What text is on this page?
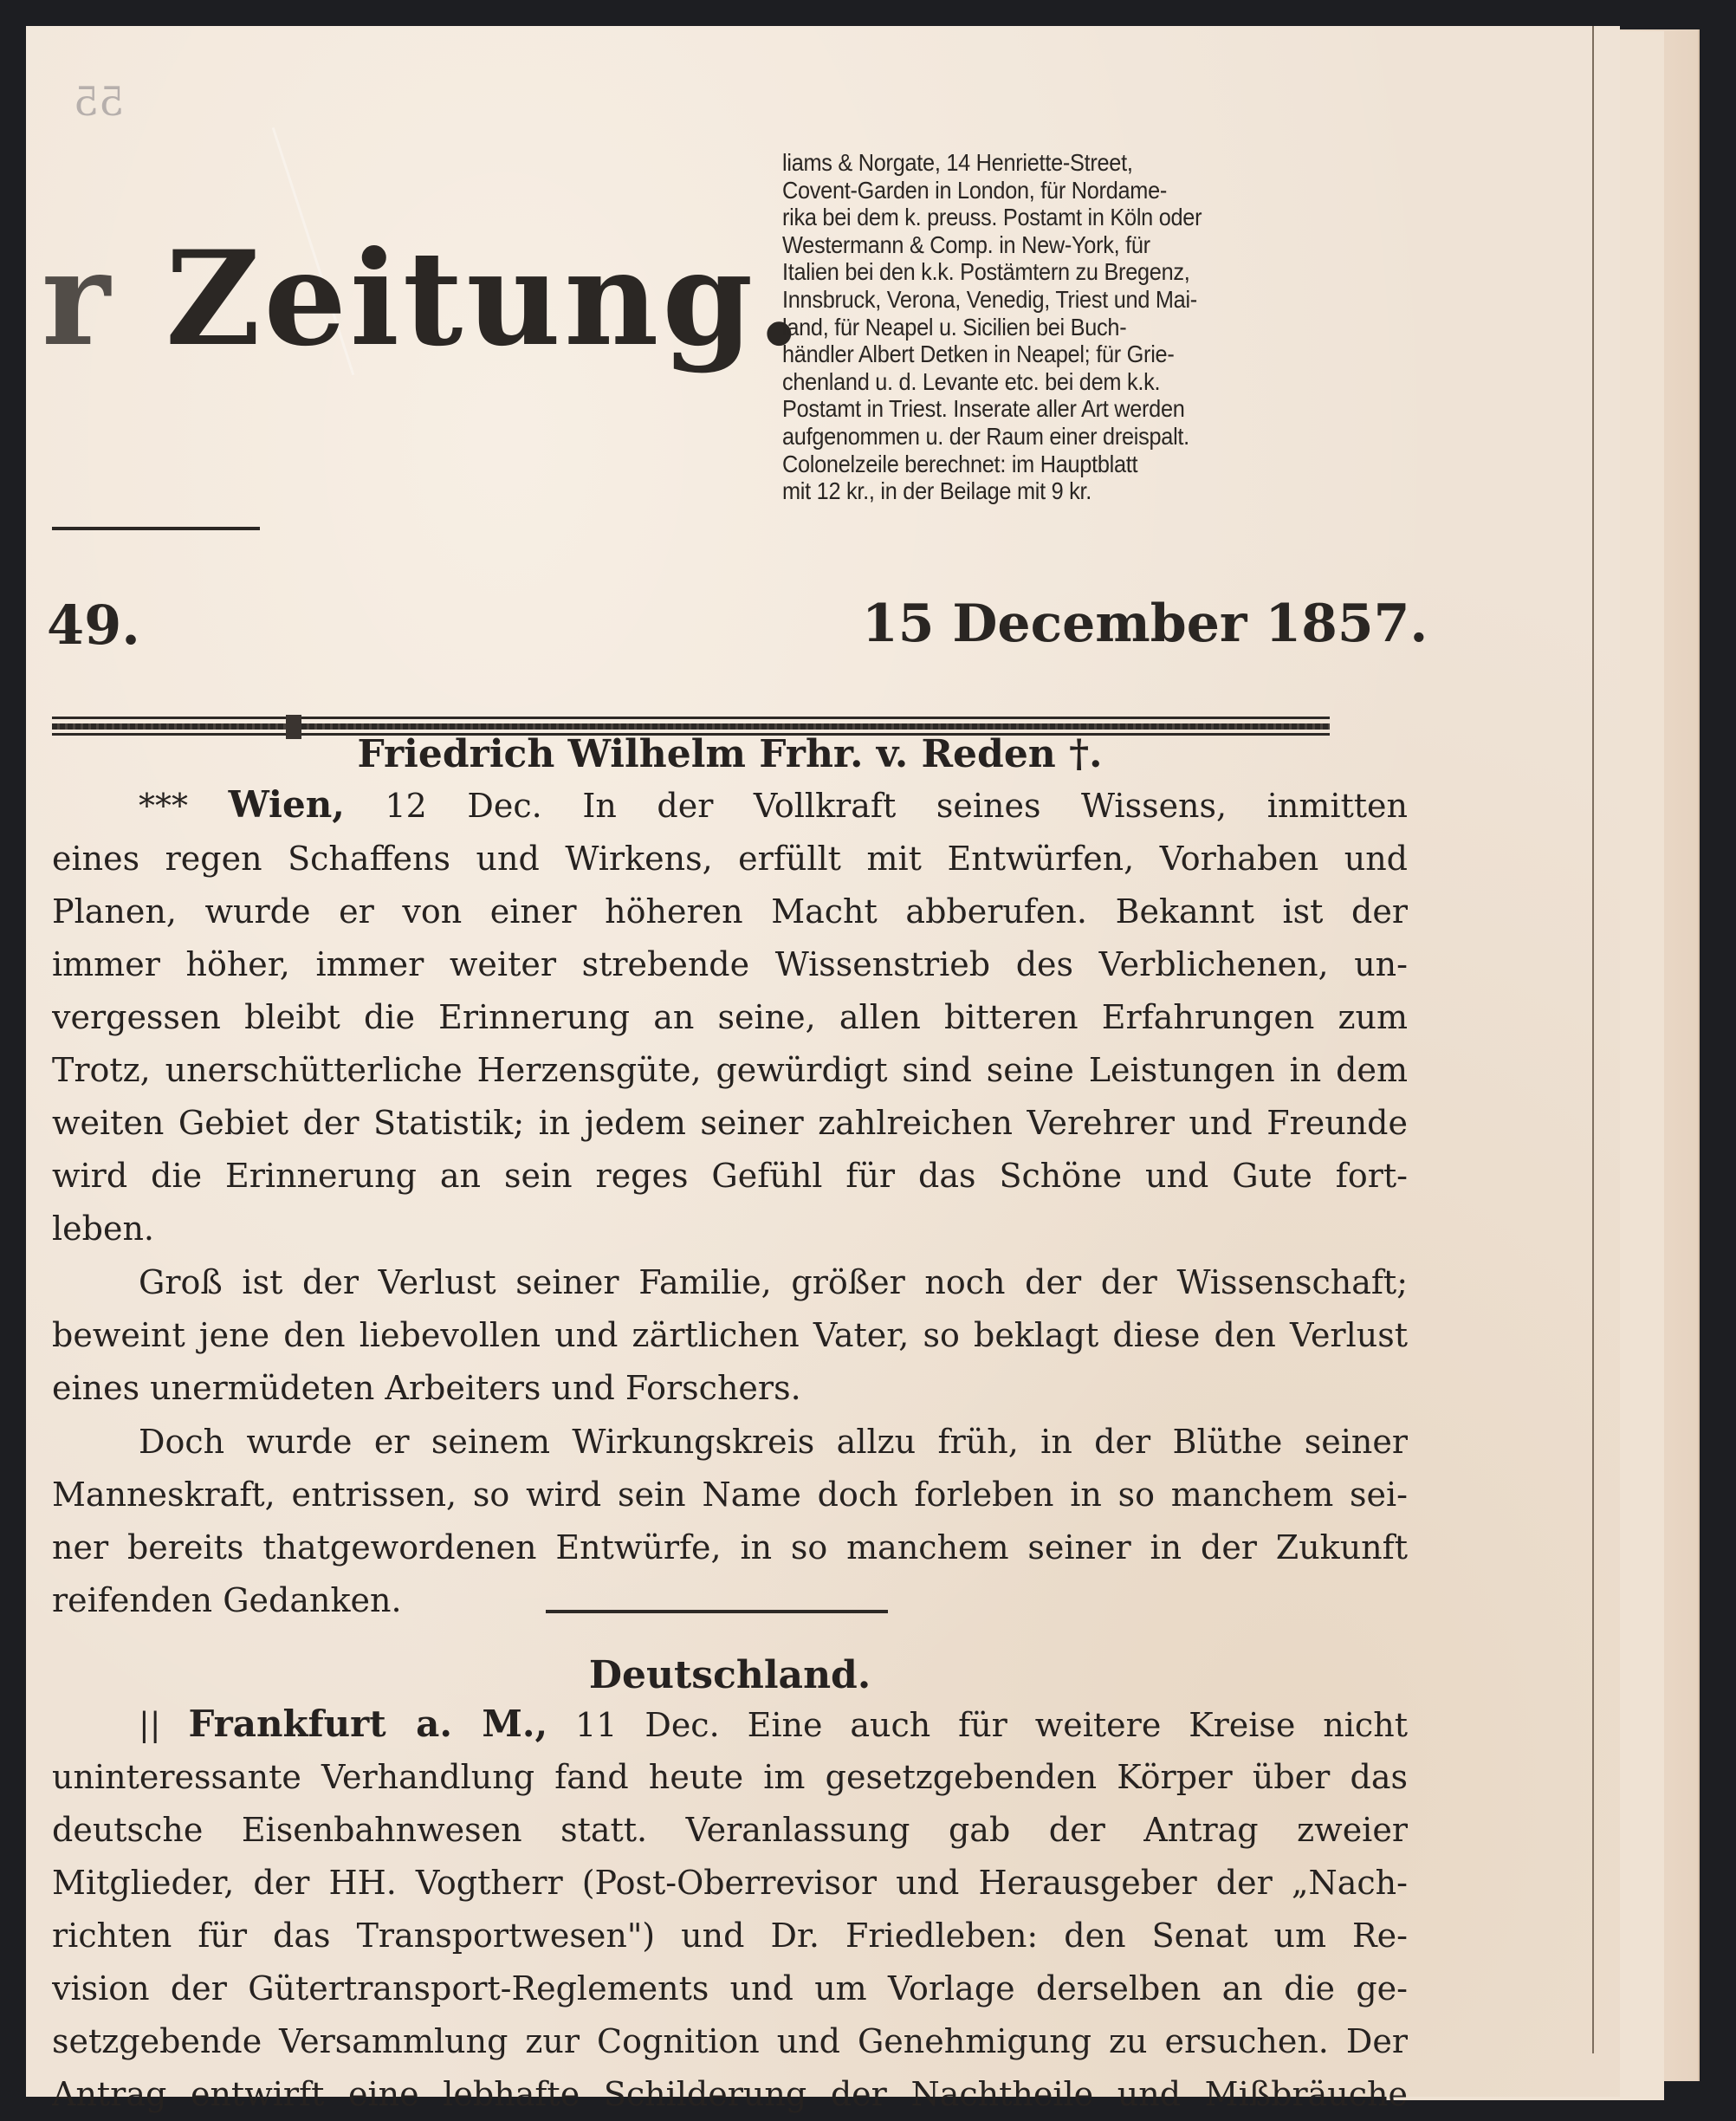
55
r Zeitung.
liams & Norgate, 14 Henriette-Street,
Covent-Garden in London, für Nordame-
rika bei dem k. preuss. Postamt in Köln oder
Westermann & Comp. in New-York, für
Italien bei den k.k. Postämtern zu Bregenz,
Innsbruck, Verona, Venedig, Triest und Mai-
land, für Neapel u. Sicilien bei Buch-
händler Albert Detken in Neapel; für Grie-
chenland u. d. Levante etc. bei dem k.k.
Postamt in Triest. Inserate aller Art werden
aufgenommen u. der Raum einer dreispalt.
Colonelzeile berechnet: im Hauptblatt
mit 12 kr., in der Beilage mit 9 kr.
49.	15 December 1857.
Friedrich Wilhelm Frhr. v. Reden †.
*** Wien, 12 Dec. In der Vollkraft seines Wissens, inmitten
eines regen Schaffens und Wirkens, erfüllt mit Entwürfen, Vorhaben und
Planen, wurde er von einer höheren Macht abberufen. Bekannt ist der
immer höher, immer weiter strebende Wissenstrieb des Verblichenen, un-
vergessen bleibt die Erinnerung an seine, allen bitteren Erfahrungen zum
Trotz, unerschütterliche Herzensgüte, gewürdigt sind seine Leistungen in dem
weiten Gebiet der Statistik; in jedem seiner zahlreichen Verehrer und Freunde
wird die Erinnerung an sein reges Gefühl für das Schöne und Gute fort-
leben.
Groß ist der Verlust seiner Familie, größer noch der der Wissenschaft;
beweint jene den liebevollen und zärtlichen Vater, so beklagt diese den Verlust
eines unermüdeten Arbeiters und Forschers.
Doch wurde er seinem Wirkungskreis allzu früh, in der Blüthe seiner
Manneskraft, entrissen, so wird sein Name doch forleben in so manchem sei-
ner bereits thatgewordenen Entwürfe, in so manchem seiner in der Zukunft
reifenden Gedanken.
Deutschland.
|| Frankfurt a. M., 11 Dec. Eine auch für weitere Kreise nicht
uninteressante Verhandlung fand heute im gesetzgebenden Körper über das
deutsche Eisenbahnwesen statt. Veranlassung gab der Antrag zweier
Mitglieder, der HH. Vogtherr (Post-Oberrevisor und Herausgeber der „Nach-
richten für das Transportwesen") und Dr. Friedleben: den Senat um Re-
vision der Gütertransport-Reglements und um Vorlage derselben an die ge-
setzgebende Versammlung zur Cognition und Genehmigung zu ersuchen. Der
Antrag entwirft eine lebhafte Schilderung der Nachtheile und Mißbräuche
